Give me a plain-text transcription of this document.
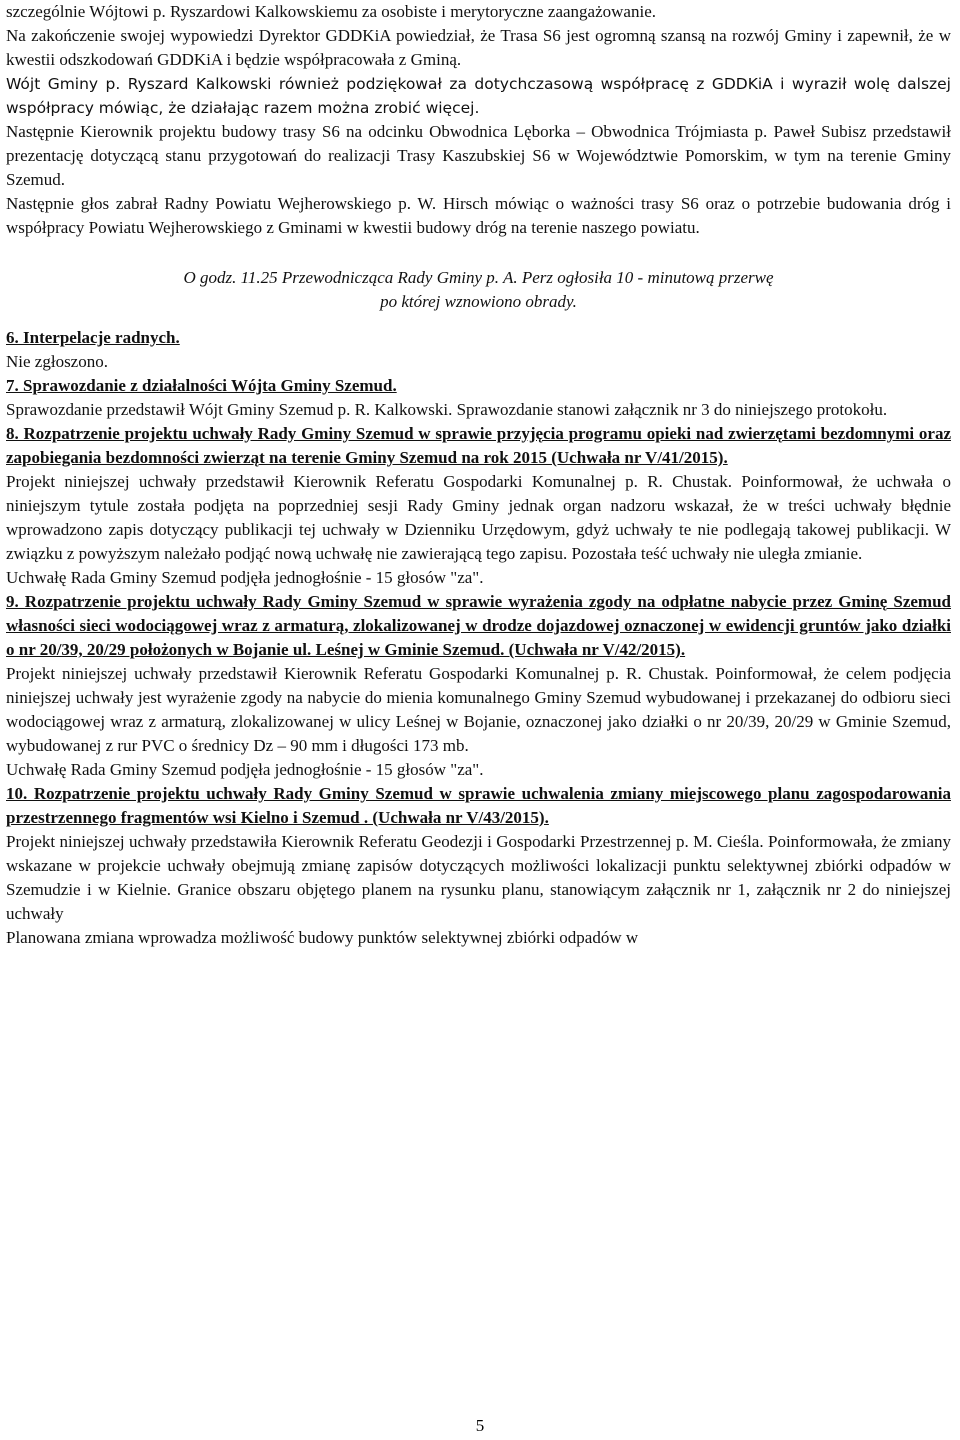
szczególnie Wójtowi p. Ryszardowi Kalkowskiemu za osobiste i merytoryczne zaangażowanie.

Na zakończenie swojej wypowiedzi Dyrektor GDDKiA powiedział, że Trasa S6 jest ogromną szansą na rozwój Gminy i zapewnił, że w kwestii odszkodowań GDDKiA i będzie współpracowała z Gminą.

Wójt Gminy p. Ryszard Kalkowski również podziękował za dotychczasową współpracę z GDDKiA i wyraził wolę dalszej współpracy mówiąc, że działając razem można zrobić więcej.

Następnie Kierownik projektu budowy trasy S6 na odcinku Obwodnica Lęborka – Obwodnica Trójmiasta p. Paweł Subisz przedstawił prezentację dotyczącą stanu przygotowań do realizacji Trasy Kaszubskiej S6 w Województwie Pomorskim, w tym na terenie Gminy Szemud.

Następnie głos zabrał Radny Powiatu Wejherowskiego p. W. Hirsch mówiąc o ważności trasy S6 oraz o potrzebie budowania dróg i współpracy Powiatu Wejherowskiego z Gminami w kwestii budowy dróg na terenie naszego powiatu.

O godz. 11.25 Przewodnicząca Rady Gminy p. A. Perz ogłosiła 10 - minutową przerwę

po której wznowiono obrady.

6. Interpelacje radnych.

Nie zgłoszono.

7. Sprawozdanie z działalności Wójta Gminy Szemud.

Sprawozdanie przedstawił Wójt Gminy Szemud p. R. Kalkowski. Sprawozdanie stanowi załącznik nr 3 do niniejszego protokołu.

8. Rozpatrzenie projektu uchwały Rady Gminy Szemud w sprawie przyjęcia programu opieki nad zwierzętami bezdomnymi oraz zapobiegania bezdomności zwierząt na terenie Gminy Szemud na rok 2015 (Uchwała nr V/41/2015).

Projekt niniejszej uchwały przedstawił Kierownik Referatu Gospodarki Komunalnej p. R. Chustak. Poinformował, że uchwała o niniejszym tytule została podjęta na poprzedniej sesji Rady Gminy jednak organ nadzoru wskazał, że w treści uchwały błędnie wprowadzono zapis dotyczący publikacji tej uchwały w Dzienniku Urzędowym, gdyż uchwały te nie podlegają takowej publikacji. W związku z powyższym należało podjąć nową uchwałę nie zawierającą tego zapisu. Pozostała teść uchwały nie uległa zmianie.

Uchwałę Rada Gminy Szemud podjęła jednogłośnie - 15 głosów "za".

9. Rozpatrzenie projektu uchwały Rady Gminy Szemud w sprawie wyrażenia zgody na odpłatne nabycie przez Gminę Szemud własności sieci wodociągowej wraz z armaturą, zlokalizowanej w drodze dojazdowej oznaczonej w ewidencji gruntów jako działki o nr 20/39, 20/29 położonych w Bojanie ul. Leśnej w Gminie Szemud. (Uchwała nr V/42/2015).

Projekt niniejszej uchwały przedstawił Kierownik Referatu Gospodarki Komunalnej p. R. Chustak. Poinformował, że celem podjęcia niniejszej uchwały jest wyrażenie zgody na nabycie do mienia komunalnego Gminy Szemud wybudowanej i przekazanej do odbioru sieci wodociągowej wraz z armaturą, zlokalizowanej w ulicy Leśnej w Bojanie, oznaczonej jako działki o nr 20/39, 20/29 w Gminie Szemud, wybudowanej z rur PVC o średnicy Dz – 90 mm i długości 173 mb.

Uchwałę Rada Gminy Szemud podjęła jednogłośnie - 15 głosów "za".

10. Rozpatrzenie projektu uchwały Rady Gminy Szemud w sprawie uchwalenia zmiany miejscowego planu zagospodarowania przestrzennego fragmentów wsi Kielno i Szemud . (Uchwała nr V/43/2015).

Projekt niniejszej uchwały przedstawiła Kierownik Referatu Geodezji i Gospodarki Przestrzennej p. M. Cieśla. Poinformowała, że zmiany wskazane w projekcie uchwały obejmują zmianę zapisów dotyczących możliwości lokalizacji punktu selektywnej zbiórki odpadów w Szemudzie i w Kielnie. Granice obszaru objętego planem na rysunku planu, stanowiącym załącznik nr 1, załącznik nr 2 do niniejszej uchwały

Planowana zmiana wprowadza możliwość budowy punktów selektywnej zbiórki odpadów w

5
